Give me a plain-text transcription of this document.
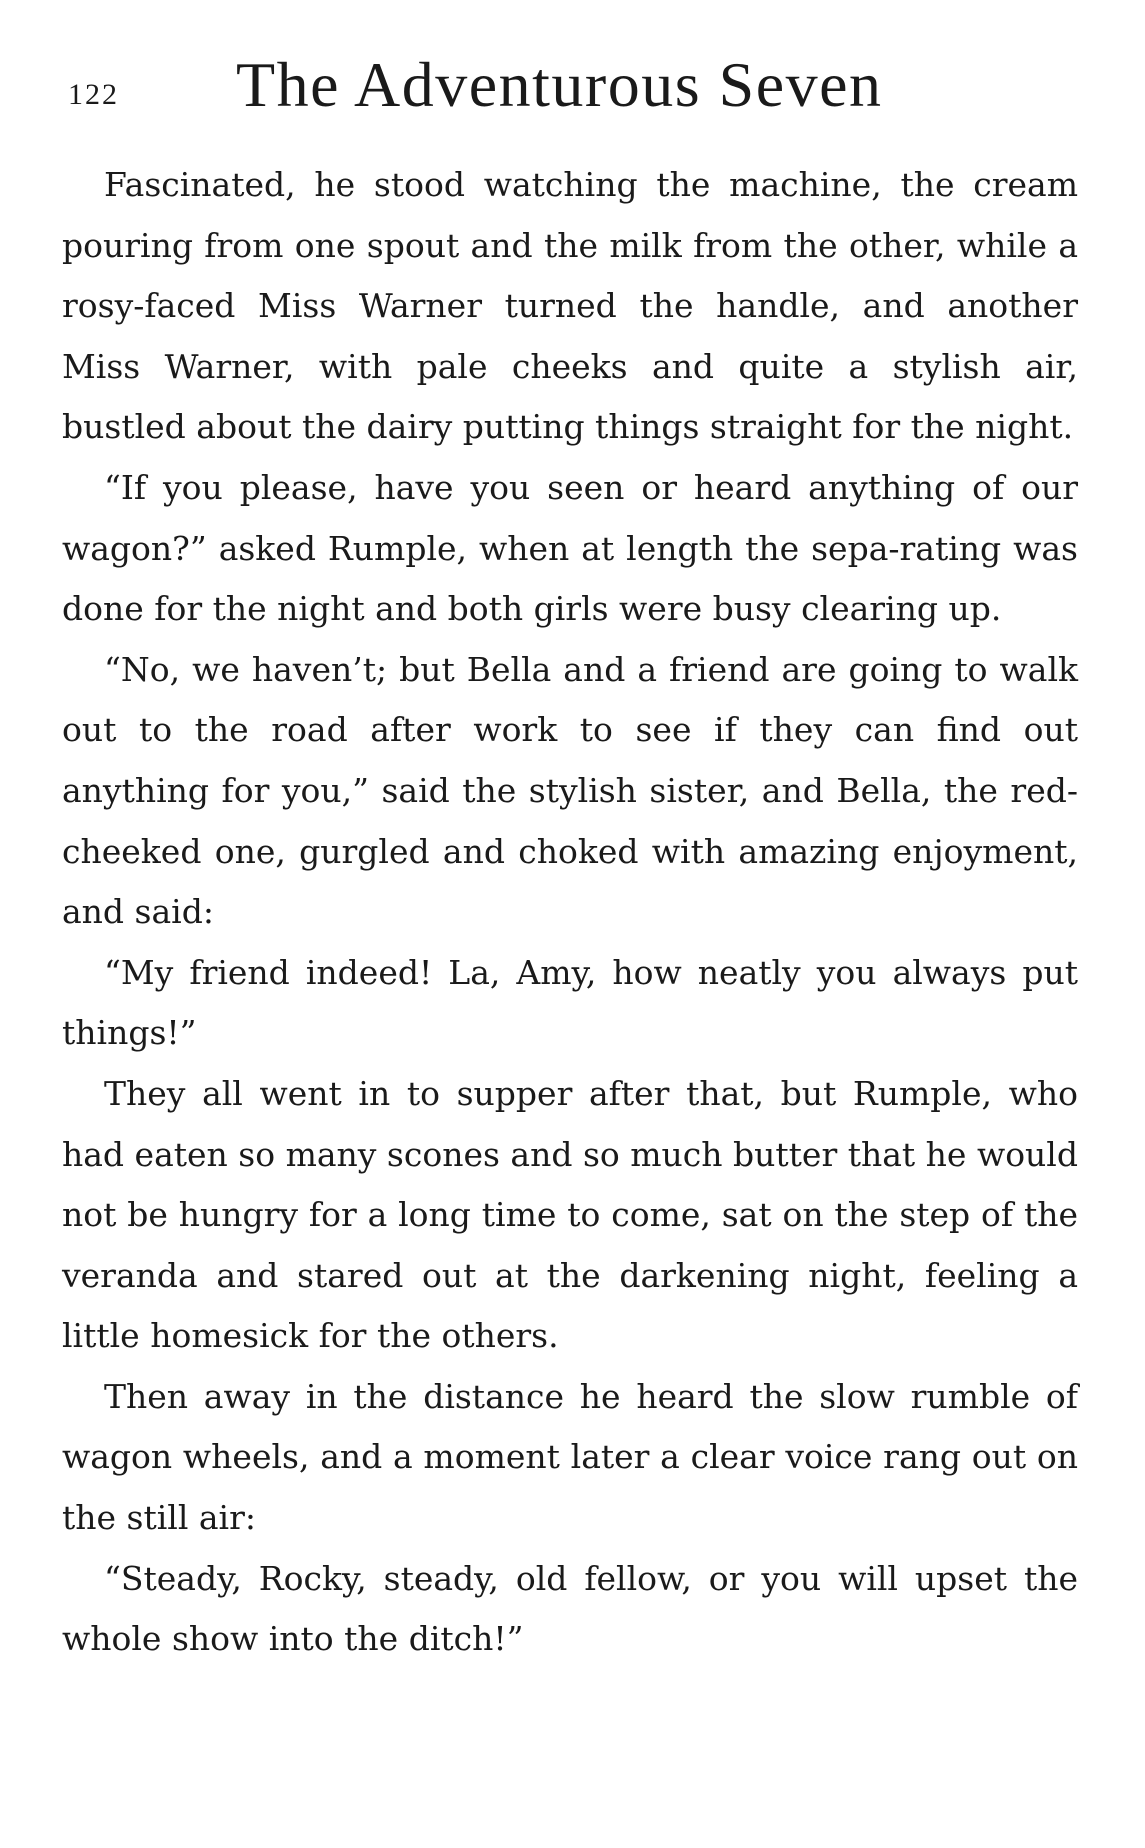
122 The Adventurous Seven

Fascinated, he stood watching the machine, the cream pouring from one spout and the milk from the other, while a rosy-faced Miss Warner turned the handle, and another Miss Warner, with pale cheeks and quite a stylish air, bustled about the dairy putting things straight for the night.

“If you please, have you seen or heard anything of our wagon?” asked Rumple, when at length the sepa-rating was done for the night and both girls were busy clearing up.

“No, we haven’t; but Bella and a friend are going to walk out to the road after work to see if they can find out anything for you,” said the stylish sister, and Bella, the red-cheeked one, gurgled and choked with amazing enjoyment, and said:

“My friend indeed! La, Amy, how neatly you always put things!”

They all went in to supper after that, but Rumple, who had eaten so many scones and so much butter that he would not be hungry for a long time to come, sat on the step of the veranda and stared out at the darkening night, feeling a little homesick for the others.

Then away in the distance he heard the slow rumble of wagon wheels, and a moment later a clear voice rang out on the still air:

“Steady, Rocky, steady, old fellow, or you will upset the whole show into the ditch!”
